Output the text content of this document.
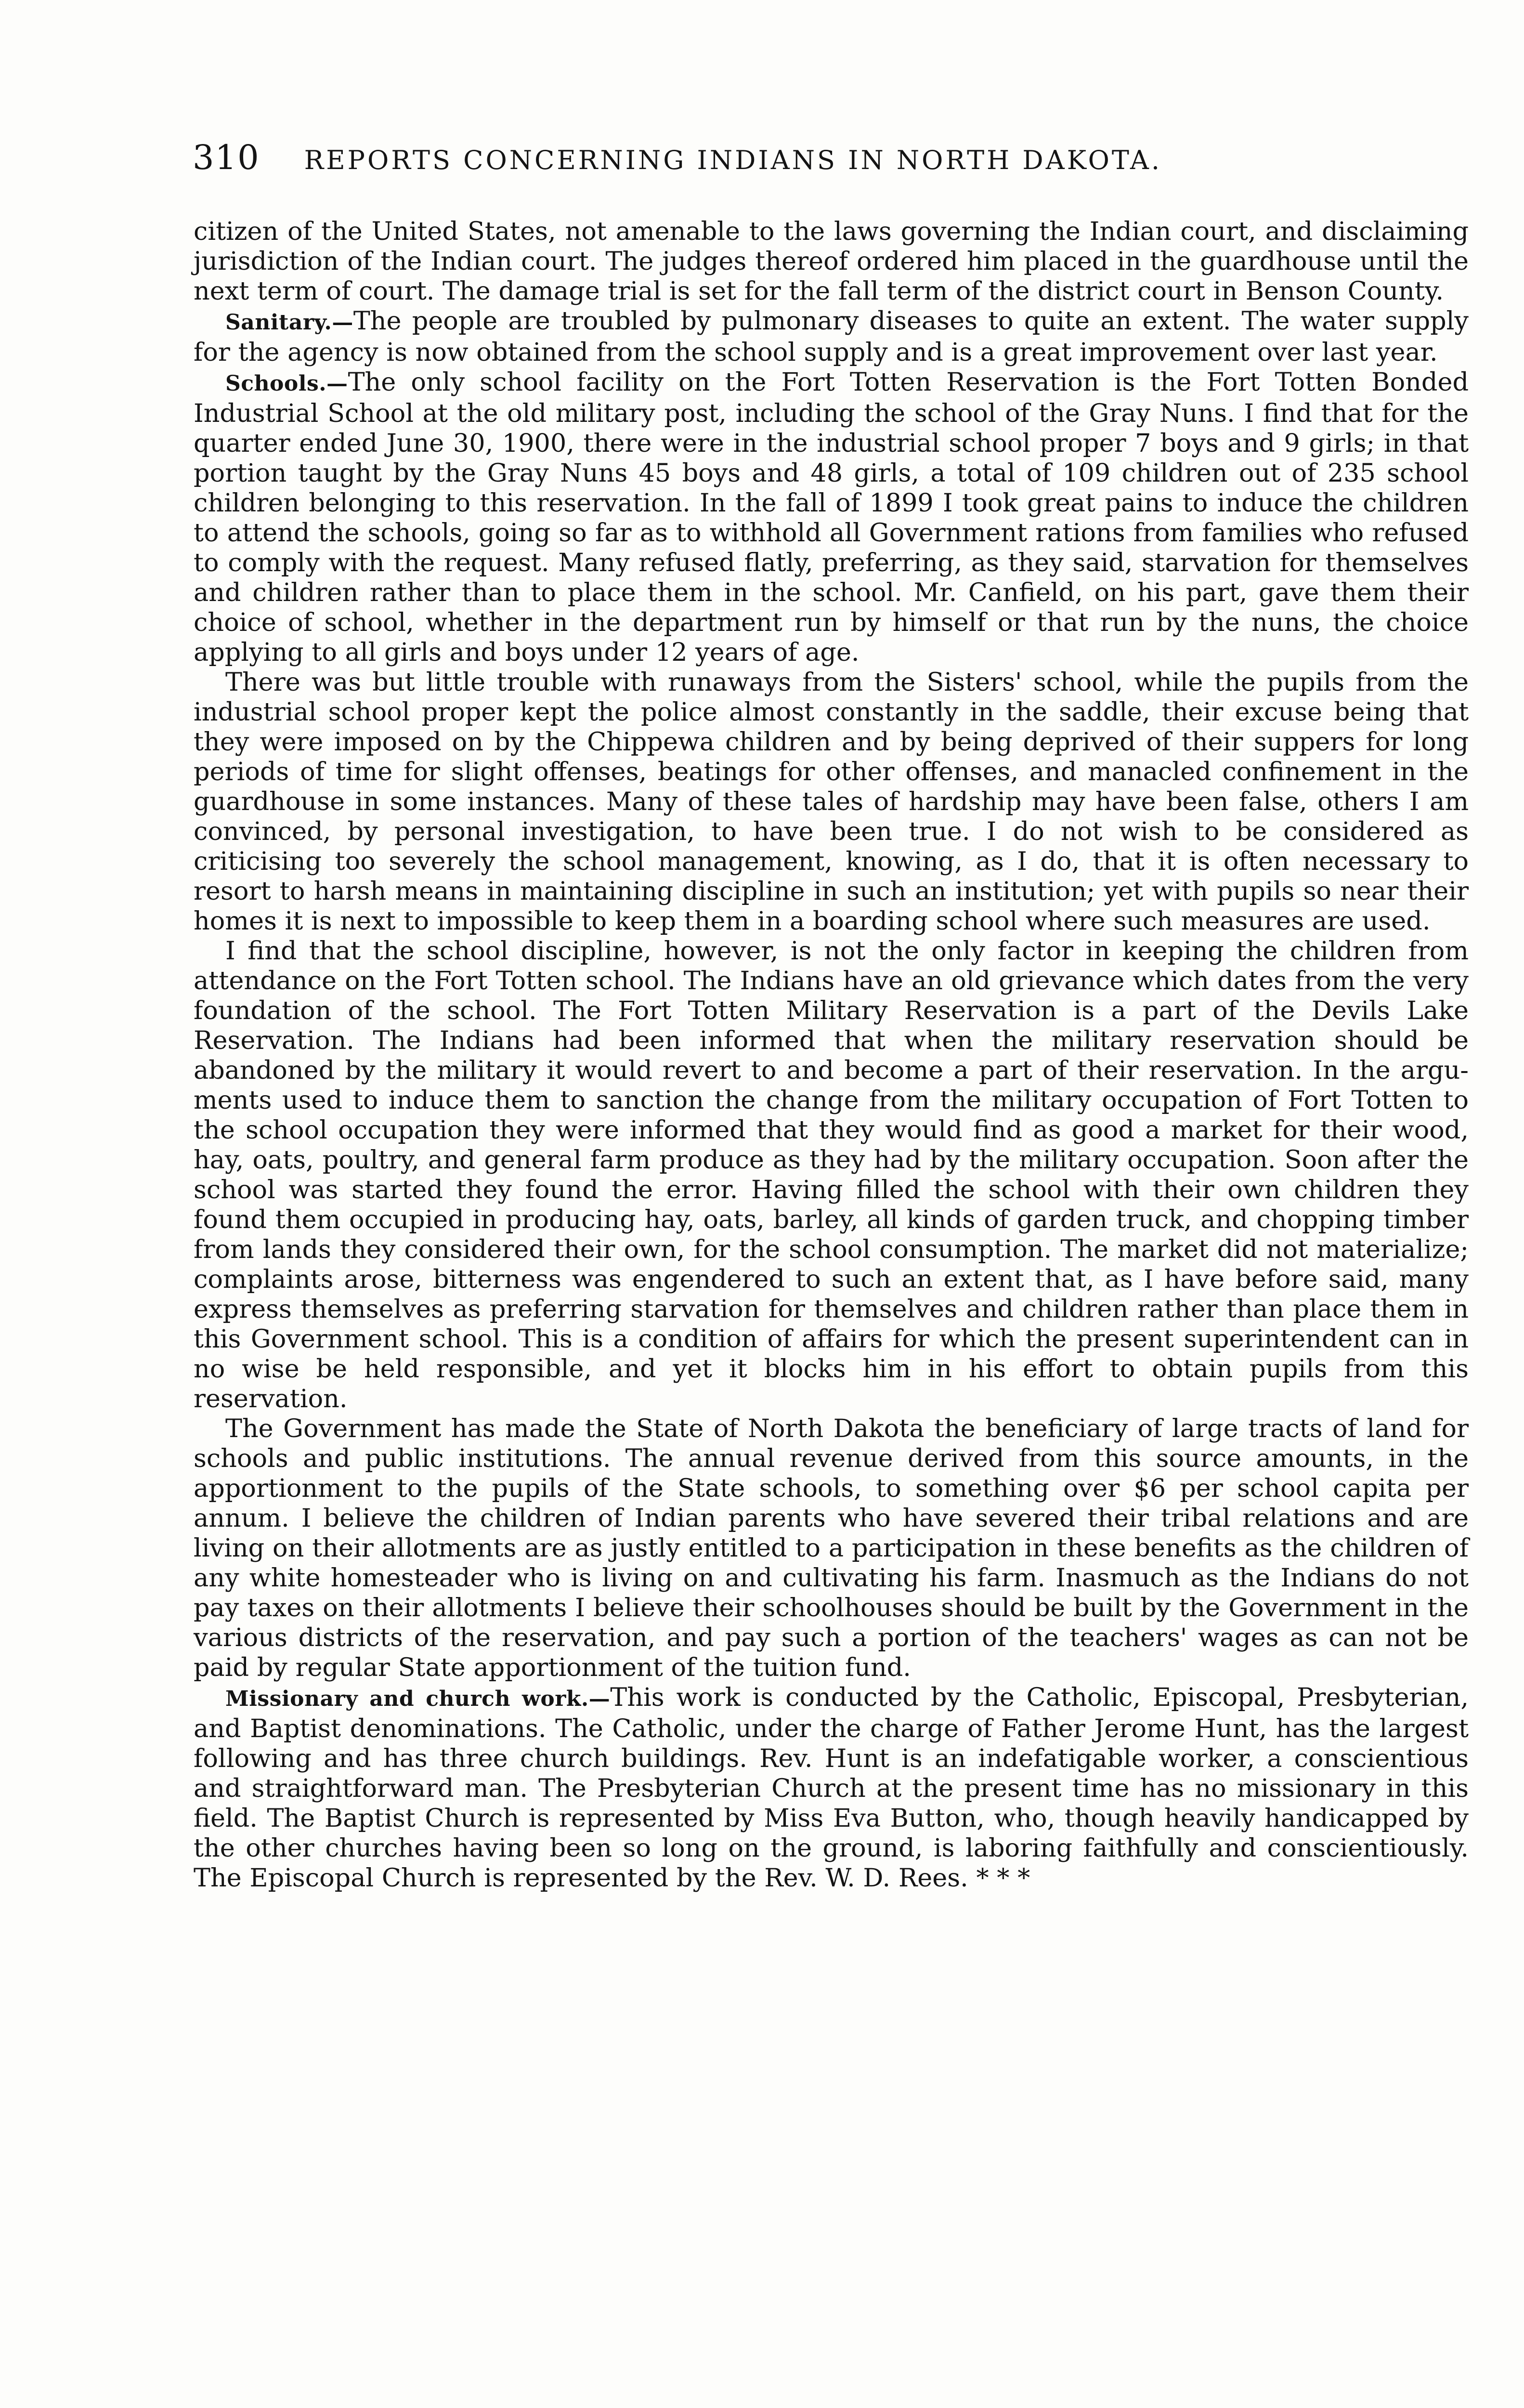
310 REPORTS CONCERNING INDIANS IN NORTH DAKOTA.

citizen of the United States, not amenable to the laws governing the Indian court, and disclaiming jurisdiction of the Indian court. The judges thereof ordered him placed in the guardhouse until the next term of court. The damage trial is set for the fall term of the district court in Benson County.

Sanitary.—The people are troubled by pulmonary diseases to quite an extent. The water supply for the agency is now obtained from the school supply and is a great improvement over last year.

Schools.—The only school facility on the Fort Totten Reservation is the Fort Totten Bonded Industrial School at the old military post, including the school of the Gray Nuns. I find that for the quarter ended June 30, 1900, there were in the industrial school proper 7 boys and 9 girls; in that portion taught by the Gray Nuns 45 boys and 48 girls, a total of 109 children out of 235 school children belonging to this reservation. In the fall of 1899 I took great pains to induce the children to attend the schools, going so far as to withhold all Government rations from families who refused to comply with the request. Many refused flatly, preferring, as they said, starvation for themselves and children rather than to place them in the school. Mr. Canfield, on his part, gave them their choice of school, whether in the department run by himself or that run by the nuns, the choice applying to all girls and boys under 12 years of age.

There was but little trouble with runaways from the Sisters' school, while the pupils from the industrial school proper kept the police almost constantly in the saddle, their excuse being that they were imposed on by the Chippewa children and by being deprived of their suppers for long periods of time for slight offenses, beatings for other offenses, and manacled confinement in the guardhouse in some instances. Many of these tales of hardship may have been false, others I am convinced, by personal investigation, to have been true. I do not wish to be considered as criticising too severely the school management, knowing, as I do, that it is often necessary to resort to harsh means in maintaining discipline in such an institution; yet with pupils so near their homes it is next to impossible to keep them in a boarding school where such measures are used.

I find that the school discipline, however, is not the only factor in keeping the children from attendance on the Fort Totten school. The Indians have an old grievance which dates from the very foundation of the school. The Fort Totten Military Reservation is a part of the Devils Lake Reservation. The Indians had been informed that when the military reservation should be abandoned by the military it would revert to and become a part of their reservation. In the arguments used to induce them to sanction the change from the military occupation of Fort Totten to the school occupation they were informed that they would find as good a market for their wood, hay, oats, poultry, and general farm produce as they had by the military occupation. Soon after the school was started they found the error. Having filled the school with their own children they found them occupied in producing hay, oats, barley, all kinds of garden truck, and chopping timber from lands they considered their own, for the school consumption. The market did not materialize; complaints arose, bitterness was engendered to such an extent that, as I have before said, many express themselves as preferring starvation for themselves and children rather than place them in this Government school. This is a condition of affairs for which the present superintendent can in no wise be held responsible, and yet it blocks him in his effort to obtain pupils from this reservation.

The Government has made the State of North Dakota the beneficiary of large tracts of land for schools and public institutions. The annual revenue derived from this source amounts, in the apportionment to the pupils of the State schools, to something over $6 per school capita per annum. I believe the children of Indian parents who have severed their tribal relations and are living on their allotments are as justly entitled to a participation in these benefits as the children of any white homesteader who is living on and cultivating his farm. Inasmuch as the Indians do not pay taxes on their allotments I believe their schoolhouses should be built by the Government in the various districts of the reservation, and pay such a portion of the teachers' wages as can not be paid by regular State apportionment of the tuition fund.

Missionary and church work.—This work is conducted by the Catholic, Episcopal, Presbyterian, and Baptist denominations. The Catholic, under the charge of Father Jerome Hunt, has the largest following and has three church buildings. Rev. Hunt is an indefatigable worker, a conscientious and straightforward man. The Presbyterian Church at the present time has no missionary in this field. The Baptist Church is represented by Miss Eva Button, who, though heavily handicapped by the other churches having been so long on the ground, is laboring faithfully and conscientiously. The Episcopal Church is represented by the Rev. W. D. Rees. * * *
